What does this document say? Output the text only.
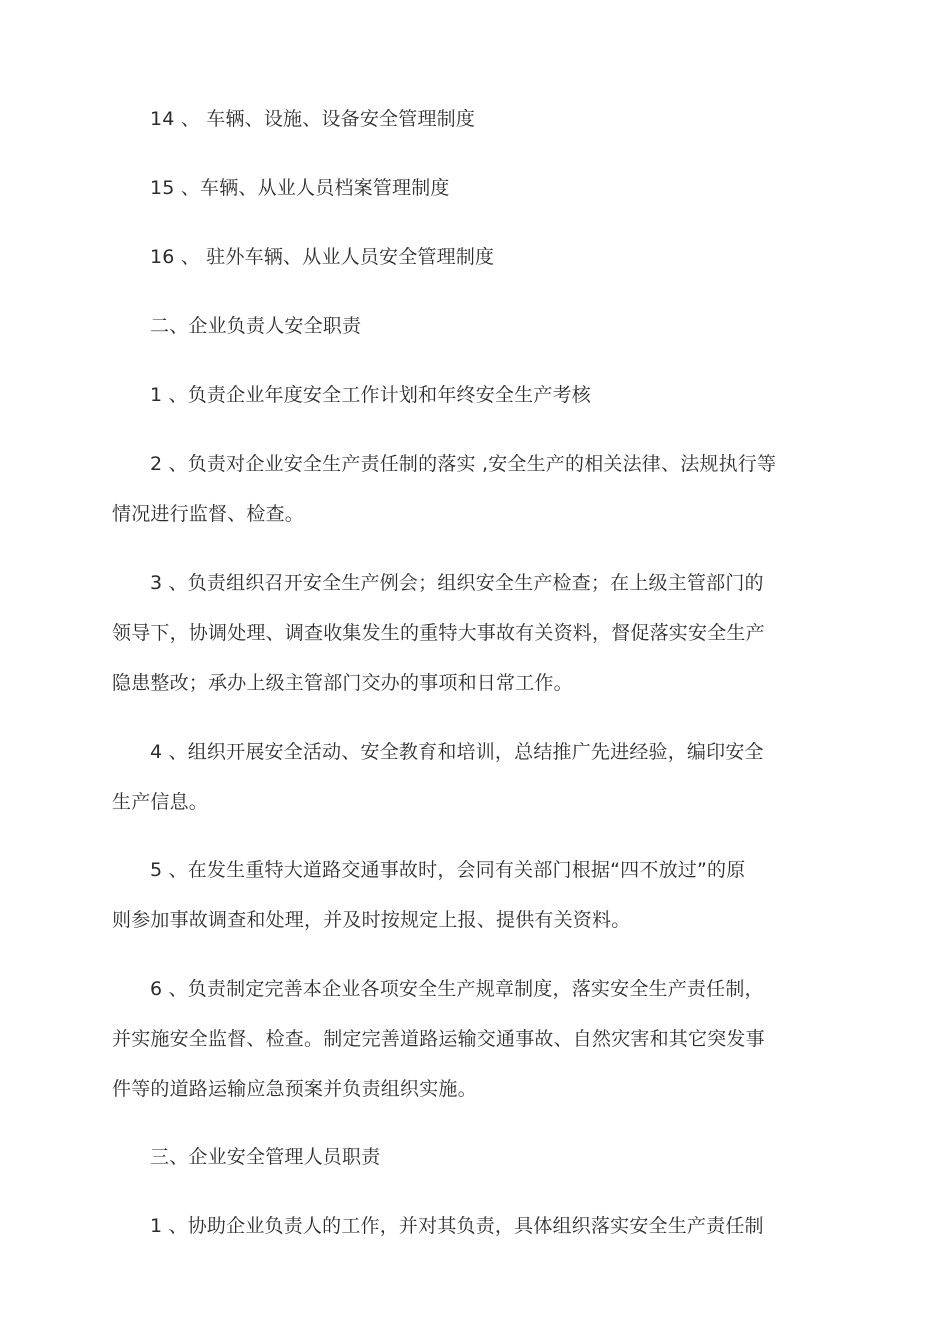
14 、 车辆、设施、设备安全管理制度

15 、车辆、从业人员档案管理制度

16 、 驻外车辆、从业人员安全管理制度

二、企业负责人安全职责

1 、负责企业年度安全工作计划和年终安全生产考核

2 、负责对企业安全生产责任制的落实 ,安全生产的相关法律、法规执行等
情况进行监督、检查。

3 、负责组织召开安全生产例会；组织安全生产检查；在上级主管部门的
领导下，协调处理、调查收集发生的重特大事故有关资料，督促落实安全生产
隐患整改；承办上级主管部门交办的事项和日常工作。

4 、组织开展安全活动、安全教育和培训，总结推广先进经验，编印安全
生产信息。

5 、在发生重特大道路交通事故时，会同有关部门根据“四不放过”的原
则参加事故调查和处理，并及时按规定上报、提供有关资料。

6 、负责制定完善本企业各项安全生产规章制度，落实安全生产责任制，
并实施安全监督、检查。制定完善道路运输交通事故、自然灾害和其它突发事
件等的道路运输应急预案并负责组织实施。

三、企业安全管理人员职责

1 、协助企业负责人的工作，并对其负责，具体组织落实安全生产责任制
